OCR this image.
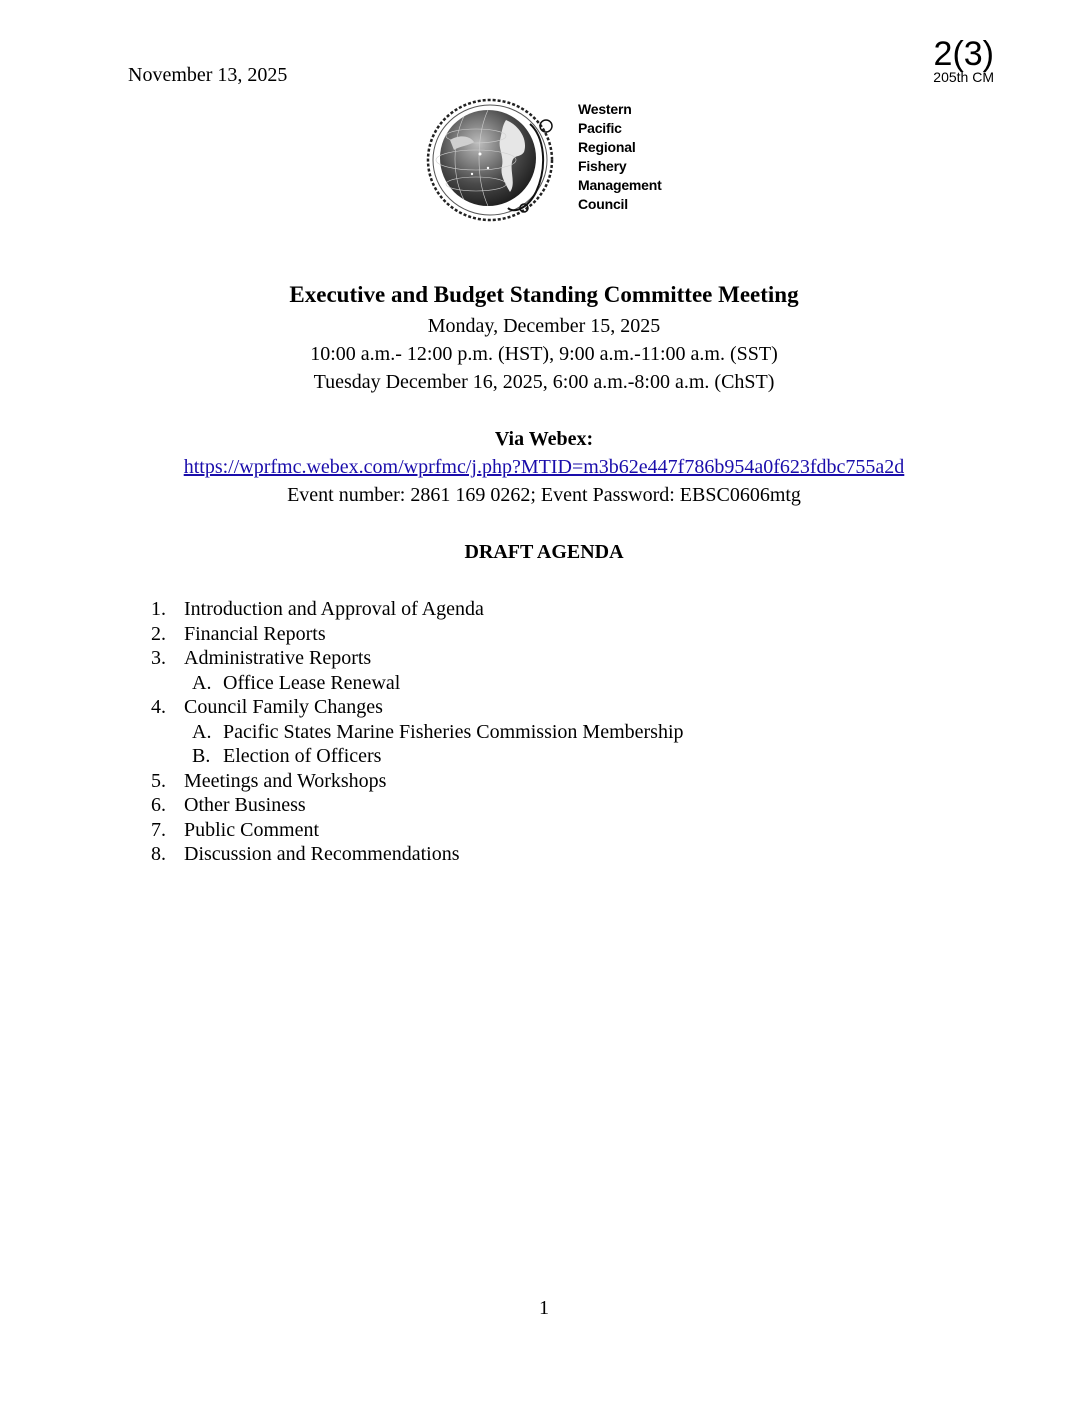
November 13, 2025
2(3)
205th CM
Western
Pacific
Regional
Fishery
Management
Council
Executive and Budget Standing Committee Meeting
Monday, December 15, 2025
10:00 a.m.- 12:00 p.m. (HST), 9:00 a.m.-11:00 a.m. (SST)
Tuesday December 16, 2025, 6:00 a.m.-8:00 a.m. (ChST)
Via Webex:
https://wprfmc.webex.com/wprfmc/j.php?MTID=m3b62e447f786b954a0f623fdbc755a2d
Event number: 2861 169 0262; Event Password: EBSC0606mtg
DRAFT AGENDA
1. Introduction and Approval of Agenda
2. Financial Reports
3. Administrative Reports
A. Office Lease Renewal
4. Council Family Changes
A. Pacific States Marine Fisheries Commission Membership
B. Election of Officers
5. Meetings and Workshops
6. Other Business
7. Public Comment
8. Discussion and Recommendations
1
